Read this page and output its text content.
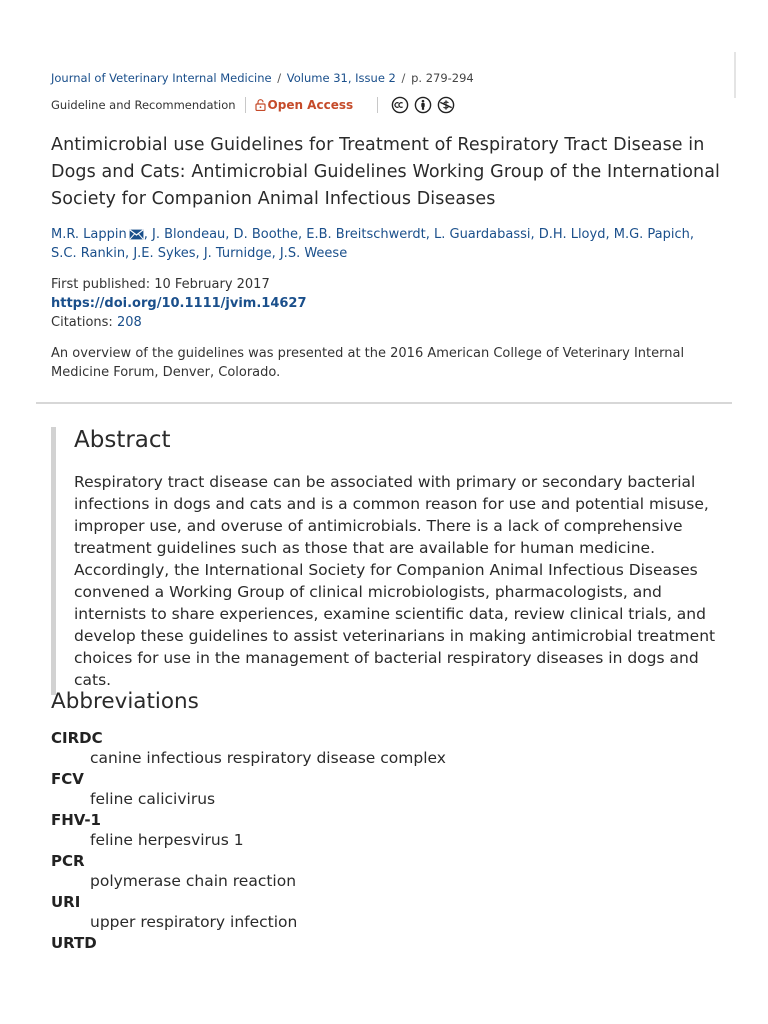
Journal of Veterinary Internal Medicine / Volume 31, Issue 2 / p. 279-294
Guideline and Recommendation	Open Access
Antimicrobial use Guidelines for Treatment of Respiratory Tract Disease in Dogs and Cats: Antimicrobial Guidelines Working Group of the International Society for Companion Animal Infectious Diseases
M.R. Lappin , J. Blondeau, D. Boothe, E.B. Breitschwerdt, L. Guardabassi, D.H. Lloyd, M.G. Papich,
S.C. Rankin, J.E. Sykes, J. Turnidge, J.S. Weese
First published: 10 February 2017
https://doi.org/10.1111/jvim.14627
Citations: 208
An overview of the guidelines was presented at the 2016 American College of Veterinary Internal Medicine Forum, Denver, Colorado.
Abstract

Respiratory tract disease can be associated with primary or secondary bacterial infections in dogs and cats and is a common reason for use and potential misuse, improper use, and overuse of antimicrobials. There is a lack of comprehensive treatment guidelines such as those that are available for human medicine. Accordingly, the International Society for Companion Animal Infectious Diseases convened a Working Group of clinical microbiologists, pharmacologists, and internists to share experiences, examine scientific data, review clinical trials, and develop these guidelines to assist veterinarians in making antimicrobial treatment choices for use in the management of bacterial respiratory diseases in dogs and cats.

Abbreviations
CIRDC
canine infectious respiratory disease complex
FCV
feline calicivirus
FHV-1
feline herpesvirus 1
PCR
polymerase chain reaction
URI
upper respiratory infection
URTD
